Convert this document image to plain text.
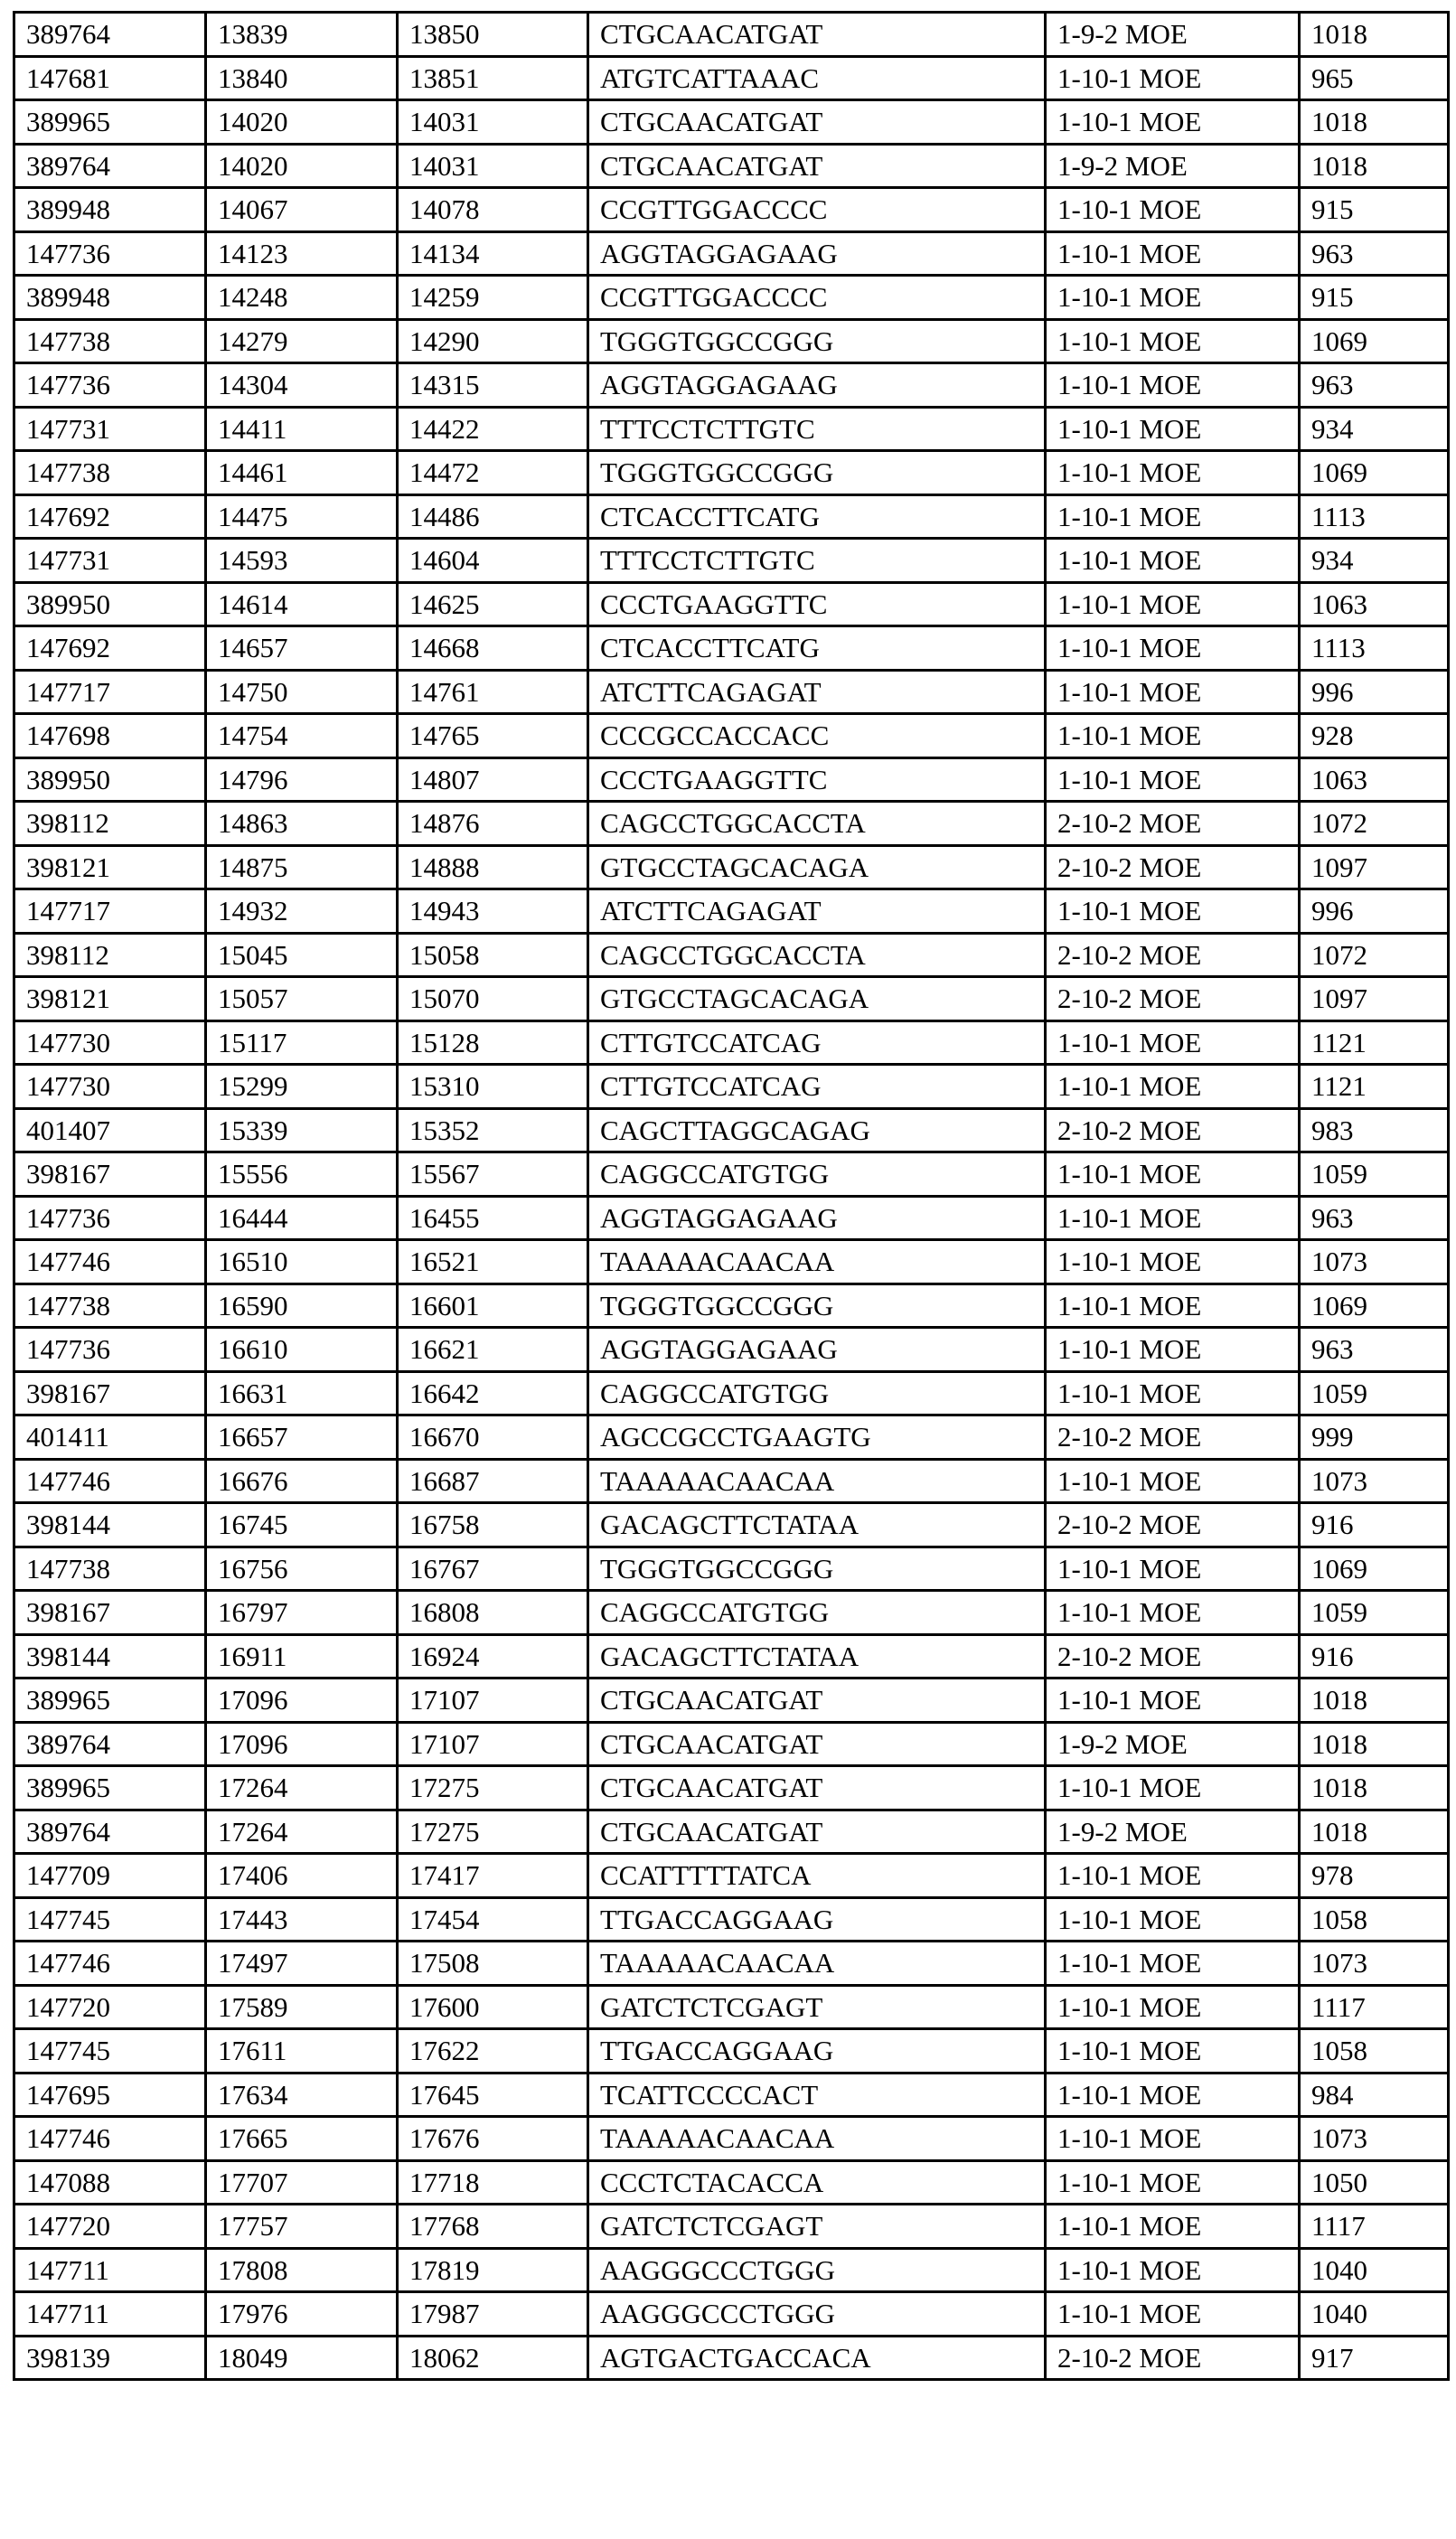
389764	13839	13850	CTGCAACATGAT	1-9-2 MOE	1018
147681	13840	13851	ATGTCATTAAAC	1-10-1 MOE	965
389965	14020	14031	CTGCAACATGAT	1-10-1 MOE	1018
389764	14020	14031	CTGCAACATGAT	1-9-2 MOE	1018
389948	14067	14078	CCGTTGGACCCC	1-10-1 MOE	915
147736	14123	14134	AGGTAGGAGAAG	1-10-1 MOE	963
389948	14248	14259	CCGTTGGACCCC	1-10-1 MOE	915
147738	14279	14290	TGGGTGGCCGGG	1-10-1 MOE	1069
147736	14304	14315	AGGTAGGAGAAG	1-10-1 MOE	963
147731	14411	14422	TTTCCTCTTGTC	1-10-1 MOE	934
147738	14461	14472	TGGGTGGCCGGG	1-10-1 MOE	1069
147692	14475	14486	CTCACCTTCATG	1-10-1 MOE	1113
147731	14593	14604	TTTCCTCTTGTC	1-10-1 MOE	934
389950	14614	14625	CCCTGAAGGTTC	1-10-1 MOE	1063
147692	14657	14668	CTCACCTTCATG	1-10-1 MOE	1113
147717	14750	14761	ATCTTCAGAGAT	1-10-1 MOE	996
147698	14754	14765	CCCGCCACCACC	1-10-1 MOE	928
389950	14796	14807	CCCTGAAGGTTC	1-10-1 MOE	1063
398112	14863	14876	CAGCCTGGCACCTA	2-10-2 MOE	1072
398121	14875	14888	GTGCCTAGCACAGA	2-10-2 MOE	1097
147717	14932	14943	ATCTTCAGAGAT	1-10-1 MOE	996
398112	15045	15058	CAGCCTGGCACCTA	2-10-2 MOE	1072
398121	15057	15070	GTGCCTAGCACAGA	2-10-2 MOE	1097
147730	15117	15128	CTTGTCCATCAG	1-10-1 MOE	1121
147730	15299	15310	CTTGTCCATCAG	1-10-1 MOE	1121
401407	15339	15352	CAGCTTAGGCAGAG	2-10-2 MOE	983
398167	15556	15567	CAGGCCATGTGG	1-10-1 MOE	1059
147736	16444	16455	AGGTAGGAGAAG	1-10-1 MOE	963
147746	16510	16521	TAAAAACAACAA	1-10-1 MOE	1073
147738	16590	16601	TGGGTGGCCGGG	1-10-1 MOE	1069
147736	16610	16621	AGGTAGGAGAAG	1-10-1 MOE	963
398167	16631	16642	CAGGCCATGTGG	1-10-1 MOE	1059
401411	16657	16670	AGCCGCCTGAAGTG	2-10-2 MOE	999
147746	16676	16687	TAAAAACAACAA	1-10-1 MOE	1073
398144	16745	16758	GACAGCTTCTATAA	2-10-2 MOE	916
147738	16756	16767	TGGGTGGCCGGG	1-10-1 MOE	1069
398167	16797	16808	CAGGCCATGTGG	1-10-1 MOE	1059
398144	16911	16924	GACAGCTTCTATAA	2-10-2 MOE	916
389965	17096	17107	CTGCAACATGAT	1-10-1 MOE	1018
389764	17096	17107	CTGCAACATGAT	1-9-2 MOE	1018
389965	17264	17275	CTGCAACATGAT	1-10-1 MOE	1018
389764	17264	17275	CTGCAACATGAT	1-9-2 MOE	1018
147709	17406	17417	CCATTTTTATCA	1-10-1 MOE	978
147745	17443	17454	TTGACCAGGAAG	1-10-1 MOE	1058
147746	17497	17508	TAAAAACAACAA	1-10-1 MOE	1073
147720	17589	17600	GATCTCTCGAGT	1-10-1 MOE	1117
147745	17611	17622	TTGACCAGGAAG	1-10-1 MOE	1058
147695	17634	17645	TCATTCCCCACT	1-10-1 MOE	984
147746	17665	17676	TAAAAACAACAA	1-10-1 MOE	1073
147088	17707	17718	CCCTCTACACCA	1-10-1 MOE	1050
147720	17757	17768	GATCTCTCGAGT	1-10-1 MOE	1117
147711	17808	17819	AAGGGCCCTGGG	1-10-1 MOE	1040
147711	17976	17987	AAGGGCCCTGGG	1-10-1 MOE	1040
398139	18049	18062	AGTGACTGACCACA	2-10-2 MOE	917
